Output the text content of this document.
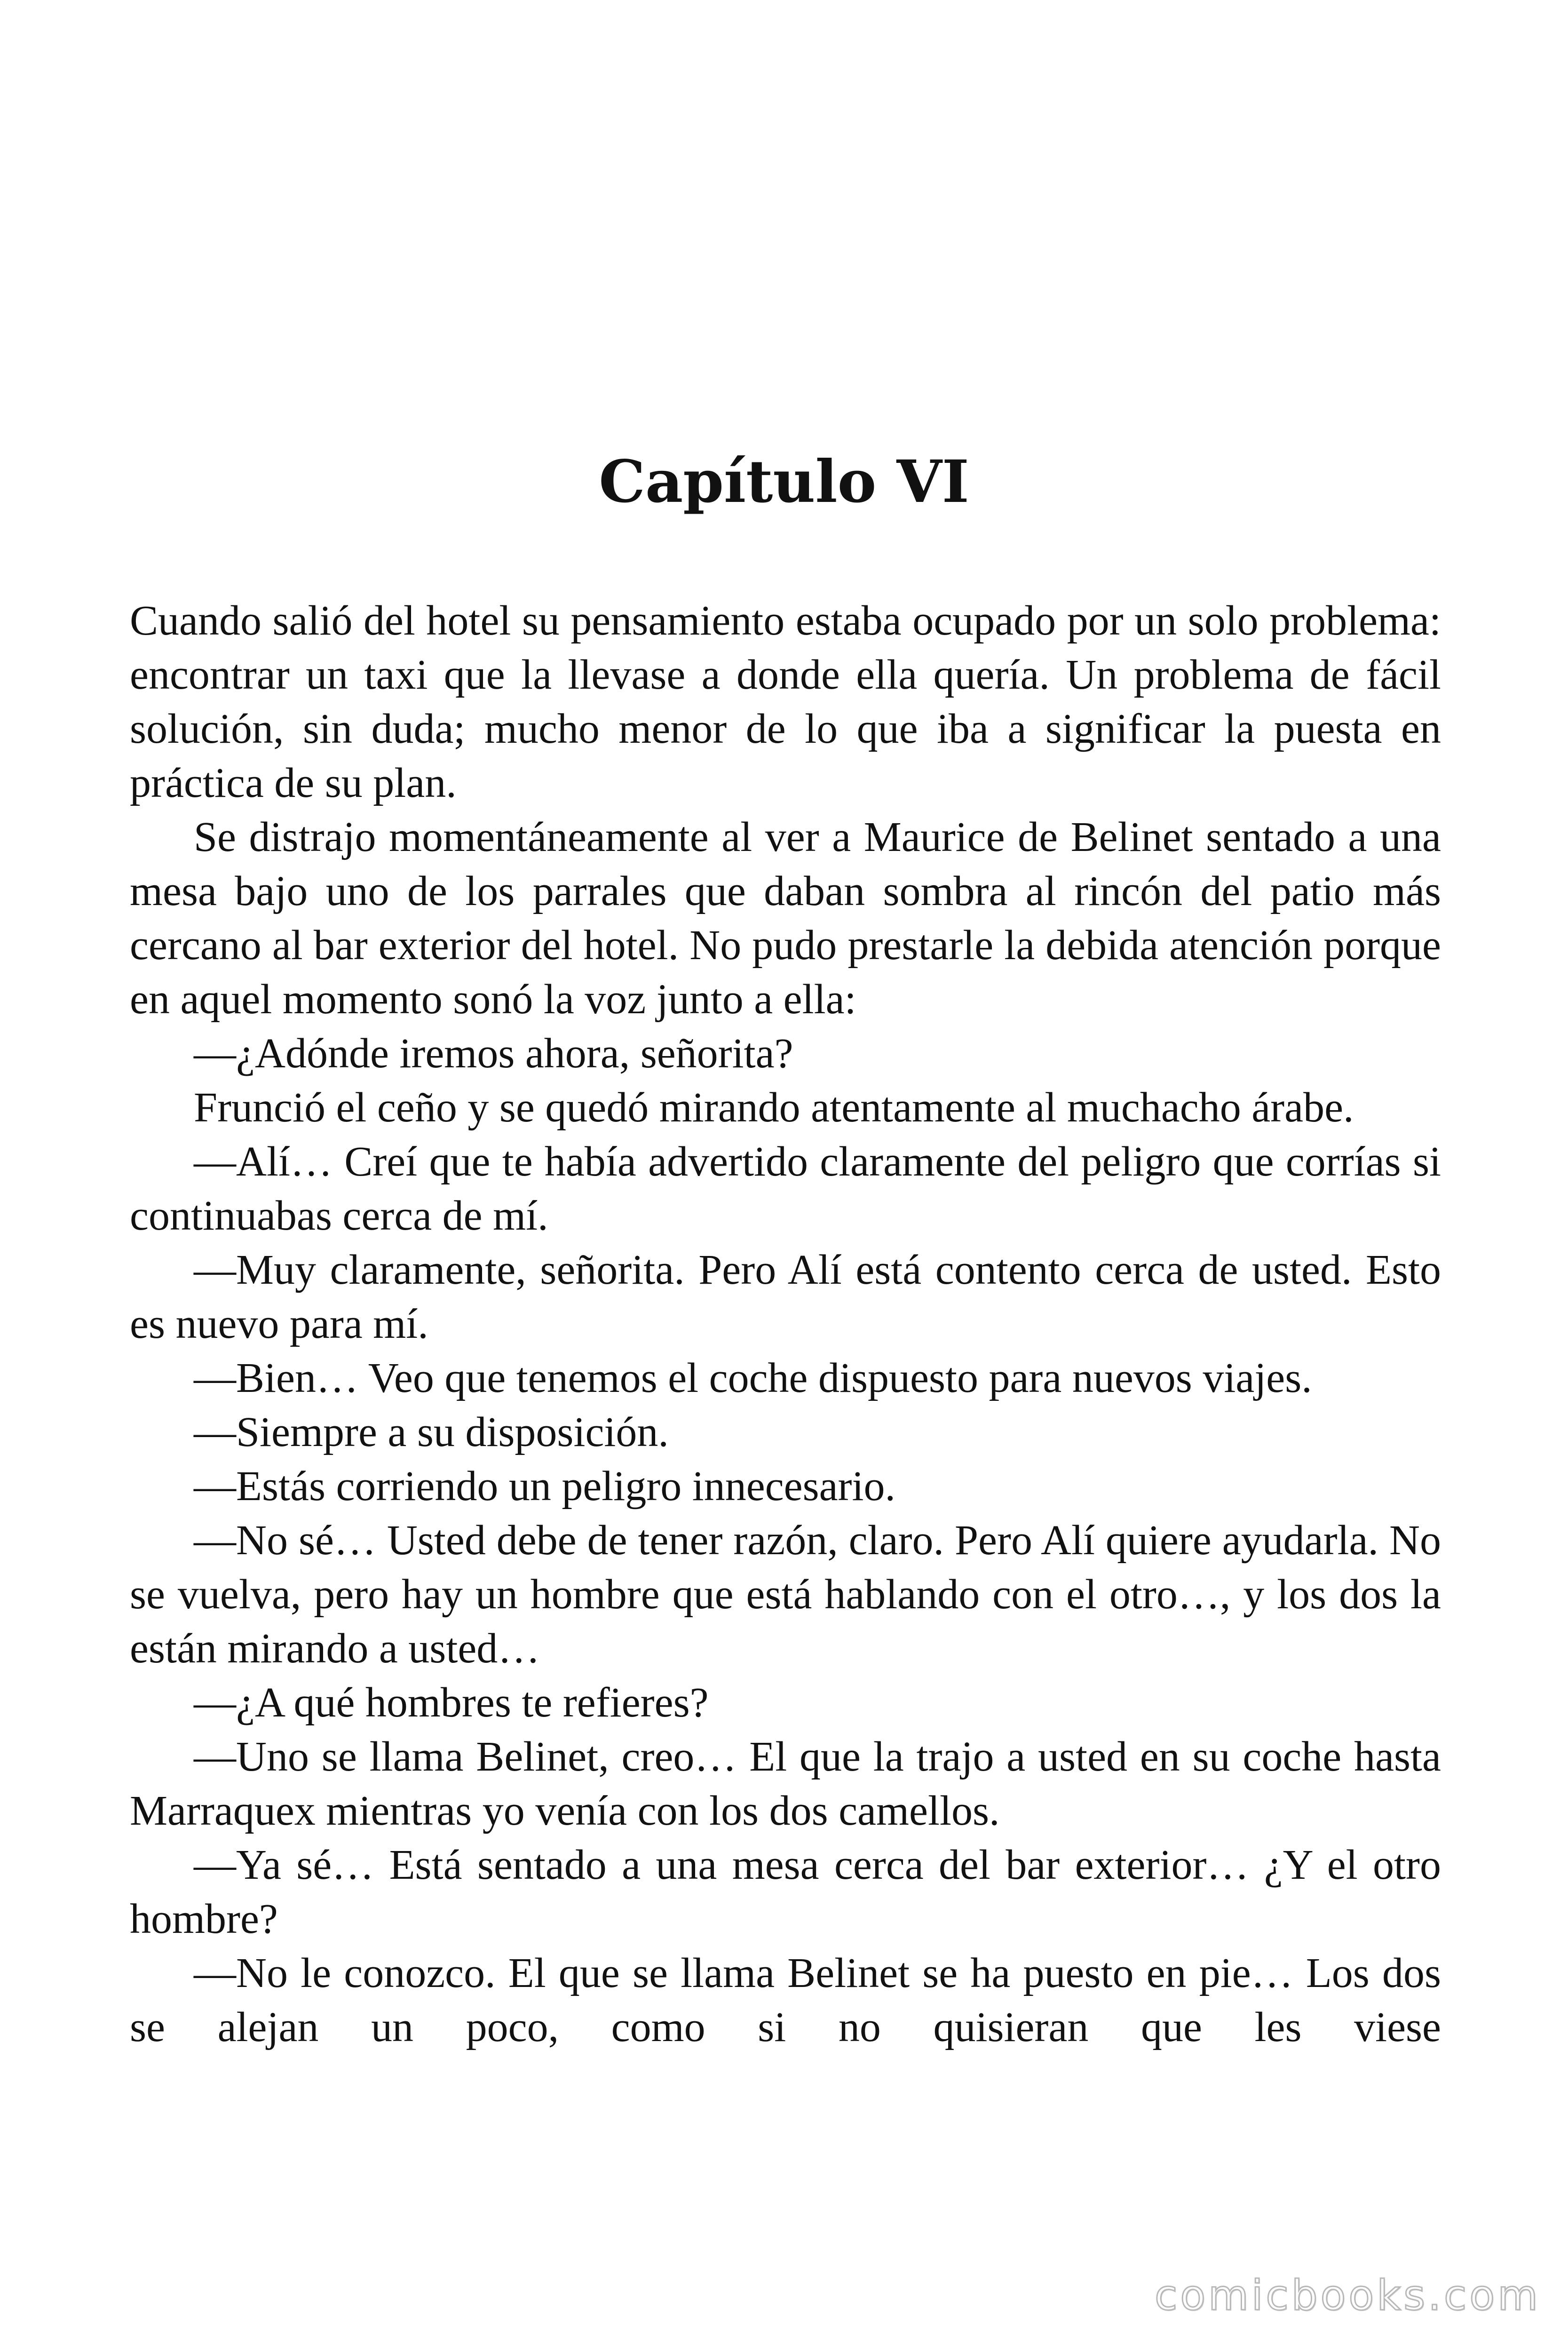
Capítulo VI

Cuando salió del hotel su pensamiento estaba ocupado por un solo problema: encontrar un taxi que la llevase a donde ella quería. Un problema de fácil solución, sin duda; mucho menor de lo que iba a significar la puesta en práctica de su plan.

Se distrajo momentáneamente al ver a Maurice de Belinet sentado a una mesa bajo uno de los parrales que daban sombra al rincón del patio más cercano al bar exterior del hotel. No pudo prestarle la debida atención porque en aquel momento sonó la voz junto a ella:

—¿Adónde iremos ahora, señorita?

Frunció el ceño y se quedó mirando atentamente al muchacho árabe.

—Alí… Creí que te había advertido claramente del peligro que corrías si continuabas cerca de mí.

—Muy claramente, señorita. Pero Alí está contento cerca de usted. Esto es nuevo para mí.

—Bien… Veo que tenemos el coche dispuesto para nuevos viajes.

—Siempre a su disposición.

—Estás corriendo un peligro innecesario.

—No sé… Usted debe de tener razón, claro. Pero Alí quiere ayudarla. No se vuelva, pero hay un hombre que está hablando con el otro…, y los dos la están mirando a usted…

—¿A qué hombres te refieres?

—Uno se llama Belinet, creo… El que la trajo a usted en su coche hasta Marraquex mientras yo venía con los dos camellos.

—Ya sé… Está sentado a una mesa cerca del bar exterior… ¿Y el otro hombre?

—No le conozco. El que se llama Belinet se ha puesto en pie… Los dos se alejan un poco, como si no quisieran que les viese

comicbooks.com
